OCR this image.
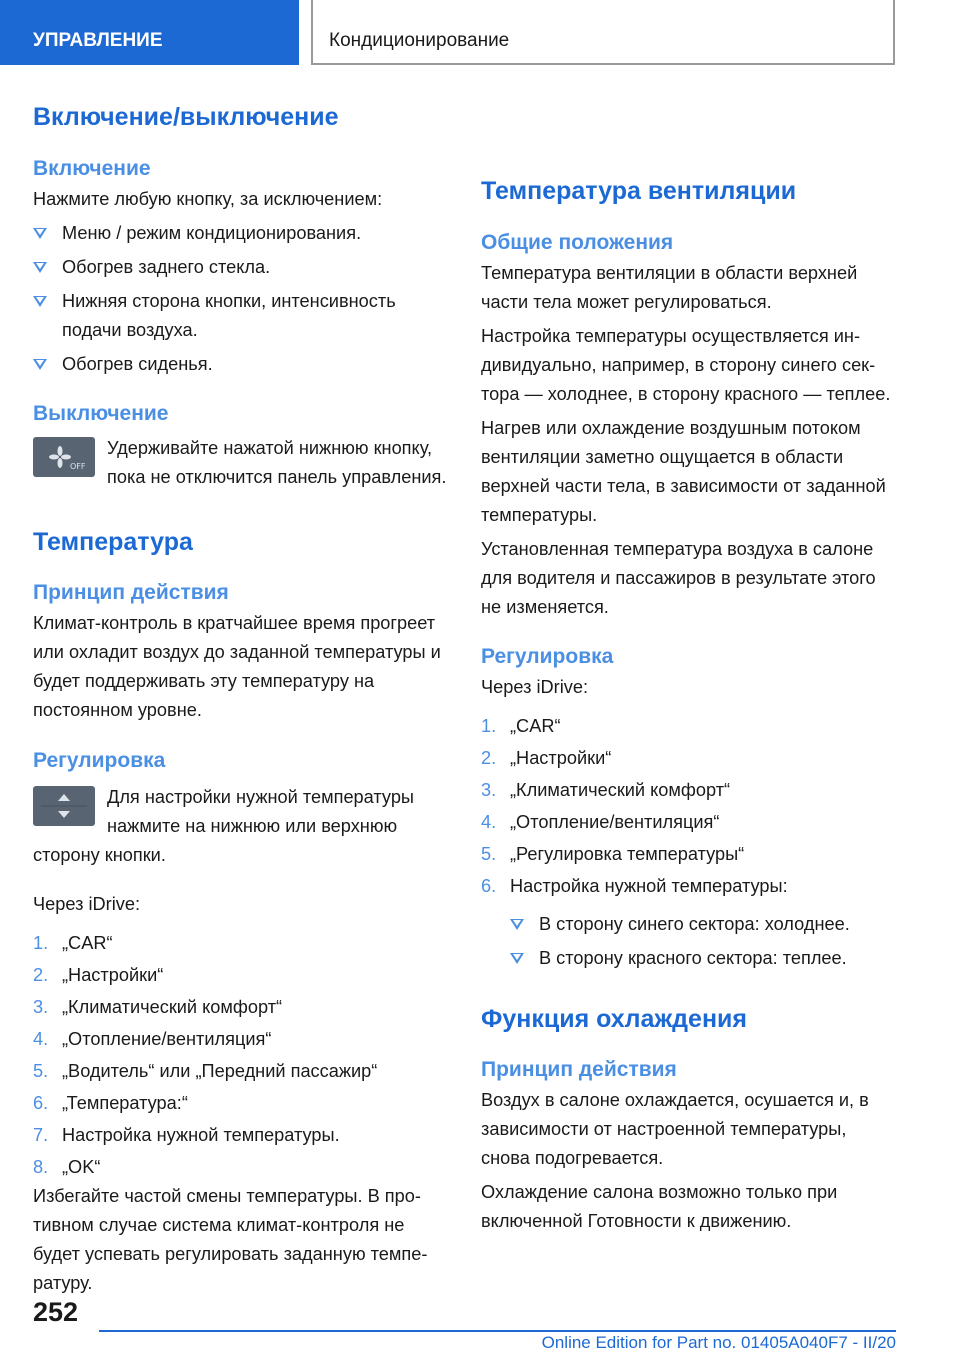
УПРАВЛЕНИЕ	Кондиционирование
Включение/выключение
Включение

Нажмите любую кнопку, за исключением:

Меню / режим кондиционирования.
Обогрев заднего стекла.
Нижняя сторона кнопки, интенсивность подачи воздуха.
Обогрев сиденья.
Выключение
OFF

Удерживайте нажатой нижнюю кнопку, пока не отключится панель управления.

Температура
Принцип действия

Климат-контроль в кратчайшее время прогреет или охладит воздух до заданной температуры и будет поддерживать эту температуру на постоянном уровне.

Регулировка

Для настройки нужной температуры нажмите на нижнюю или верхнюю сторону кнопки.

Через iDrive:

1. „CAR“
2. „Настройки“
3. „Климатический комфорт“
4. „Отопление/вентиляция“
5. „Водитель“ или „Передний пассажир“
6. „Температура:“
7. Настройка нужной температуры.
8. „OK“

Избегайте частой смены температуры. В противном случае система климат-контроля не будет успевать регулировать заданную температуру.

Температура вентиляции
Общие положения

Температура вентиляции в области верхней части тела может регулироваться.

Настройка температуры осуществляется индивидуально, например, в сторону синего сектора — холоднее, в сторону красного — теплее.

Нагрев или охлаждение воздушным потоком вентиляции заметно ощущается в области верхней части тела, в зависимости от заданной температуры.

Установленная температура воздуха в салоне для водителя и пассажиров в результате этого не изменяется.

Регулировка

Через iDrive:

1. „CAR“
2. „Настройки“
3. „Климатический комфорт“
4. „Отопление/вентиляция“
5. „Регулировка температуры“
6. Настройка нужной температуры:
В сторону синего сектора: холоднее.
В сторону красного сектора: теплее.
Функция охлаждения
Принцип действия

Воздух в салоне охлаждается, осушается и, в зависимости от настроенной температуры, снова подогревается.

Охлаждение салона возможно только при включенной Готовности к движению.

252
Online Edition for Part no. 01405A040F7 - II/20
